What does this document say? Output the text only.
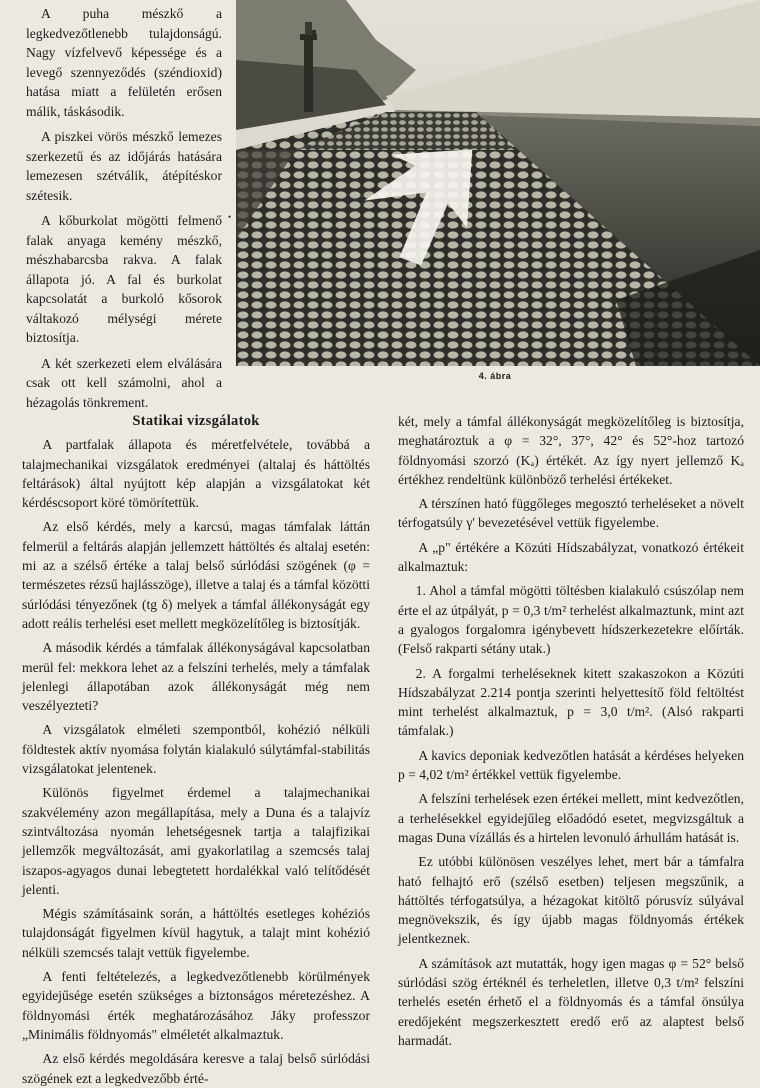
A puha mészkő a legkedvezőtlenebb tulajdonságú. Nagy vízfelvevő képessége és a levegő szennyeződés (széndioxid) hatása miatt a felületén erősen málik, táskásodik.

A piszkei vörös mészkő lemezes szerkezetű és az időjárás hatására lemezesen szétválik, átépítéskor szétesik.

A kőburkolat mögötti felmenő falak anyaga kemény mészkő, mészhabarcsba rakva. A falak állapota jó. A fal és burkolat kapcsolatát a burkoló kősorok váltakozó mélységi mérete biztosítja.

A két szerkezeti elem elválására csak ott kell számolni, ahol a hézagolás tönkrement.

•
4. ábra
Statikai vizsgálatok

A partfalak állapota és méretfelvétele, továbbá a talajmechanikai vizsgálatok eredményei (altalaj és háttöltés feltárások) által nyújtott kép alapján a vizsgálatokat két kérdéscsoport köré tömörítettük.

Az első kérdés, mely a karcsú, magas támfalak láttán felmerül a feltárás alapján jellemzett háttöltés és altalaj esetén: mi az a szélső értéke a talaj belső súrlódási szögének (φ = természetes rézsű hajlásszöge), illetve a talaj és a támfal közötti súrlódási tényezőnek (tg δ) melyek a támfal állékonyságát egy adott reális terhelési eset mellett megközelítőleg is biztosítják.

A második kérdés a támfalak állékonyságával kapcsolatban merül fel: mekkora lehet az a felszíni terhelés, mely a támfalak jelenlegi állapotában azok állékonyságát még nem veszélyezteti?

A vizsgálatok elméleti szempontból, kohézió nélküli földtestek aktív nyomása folytán kialakuló súlytámfal-stabilitás vizsgálatokat jelentenek.

Különös figyelmet érdemel a talajmechanikai szakvélemény azon megállapítása, mely a Duna és a talajvíz szintváltozása nyomán lehetségesnek tartja a talajfizikai jellemzők megváltozását, ami gyakorlatilag a szemcsés talaj iszapos-agyagos dunai lebegtetett hordalékkal való telítődését jelenti.

Mégis számításaink során, a háttöltés esetleges kohéziós tulajdonságát figyelmen kívül hagytuk, a talajt mint kohézió nélküli szemcsés talajt vettük figyelembe.

A fenti feltételezés, a legkedvezőtlenebb körülmények egyidejűsége esetén szükséges a biztonságos méretezéshez. A földnyomási érték meghatározásához Jáky professzor „Minimális földnyomás" elméletét alkalmaztuk.

Az első kérdés megoldására keresve a talaj belső súrlódási szögének ezt a legkedvezőbb érté-

két, mely a támfal állékonyságát megközelítőleg is biztosítja, meghatároztuk a φ = 32°, 37°, 42° és 52°-hoz tartozó földnyomási szorzó (Kₐ) értékét. Az így nyert jellemző Kₐ értékhez rendeltünk különböző terhelési értékeket.

A térszínen ható függőleges megosztó terheléseket a növelt térfogatsúly γ' bevezetésével vettük figyelembe.

A „p" értékére a Közúti Hídszabályzat, vonatkozó értékeit alkalmaztuk:

1. Ahol a támfal mögötti töltésben kialakuló csúszólap nem érte el az útpályát, p = 0,3 t/m² terhelést alkalmaztunk, mint azt a gyalogos forgalomra igénybevett hídszerkezetekre előírták. (Felső rakparti sétány utak.)

2. A forgalmi terheléseknek kitett szakaszokon a Közúti Hídszabályzat 2.214 pontja szerinti helyettesítő föld feltöltést mint terhelést alkalmaztuk, p = 3,0 t/m². (Alsó rakparti támfalak.)

A kavics deponiak kedvezőtlen hatását a kérdéses helyeken p = 4,02 t/m² értékkel vettük figyelembe.

A felszíni terhelések ezen értékei mellett, mint kedvezőtlen, a terhelésekkel egyidejűleg előadódó esetet, megvizsgáltuk a magas Duna vízállás és a hirtelen levonuló árhullám hatását is.

Ez utóbbi különösen veszélyes lehet, mert bár a támfalra ható felhajtó erő (szélső esetben) teljesen megszűnik, a háttöltés térfogatsúlya, a hézagokat kitöltő pórusvíz súlyával megnövekszik, és így újabb magas földnyomás értékek jelentkeznek.

A számítások azt mutatták, hogy igen magas φ = 52° belső súrlódási szög értéknél és terheletlen, illetve 0,3 t/m² felszíni terhelés esetén érhető el a földnyomás és a támfal önsúlya eredőjeként megszerkesztett eredő erő az alaptest belső harmadát.
